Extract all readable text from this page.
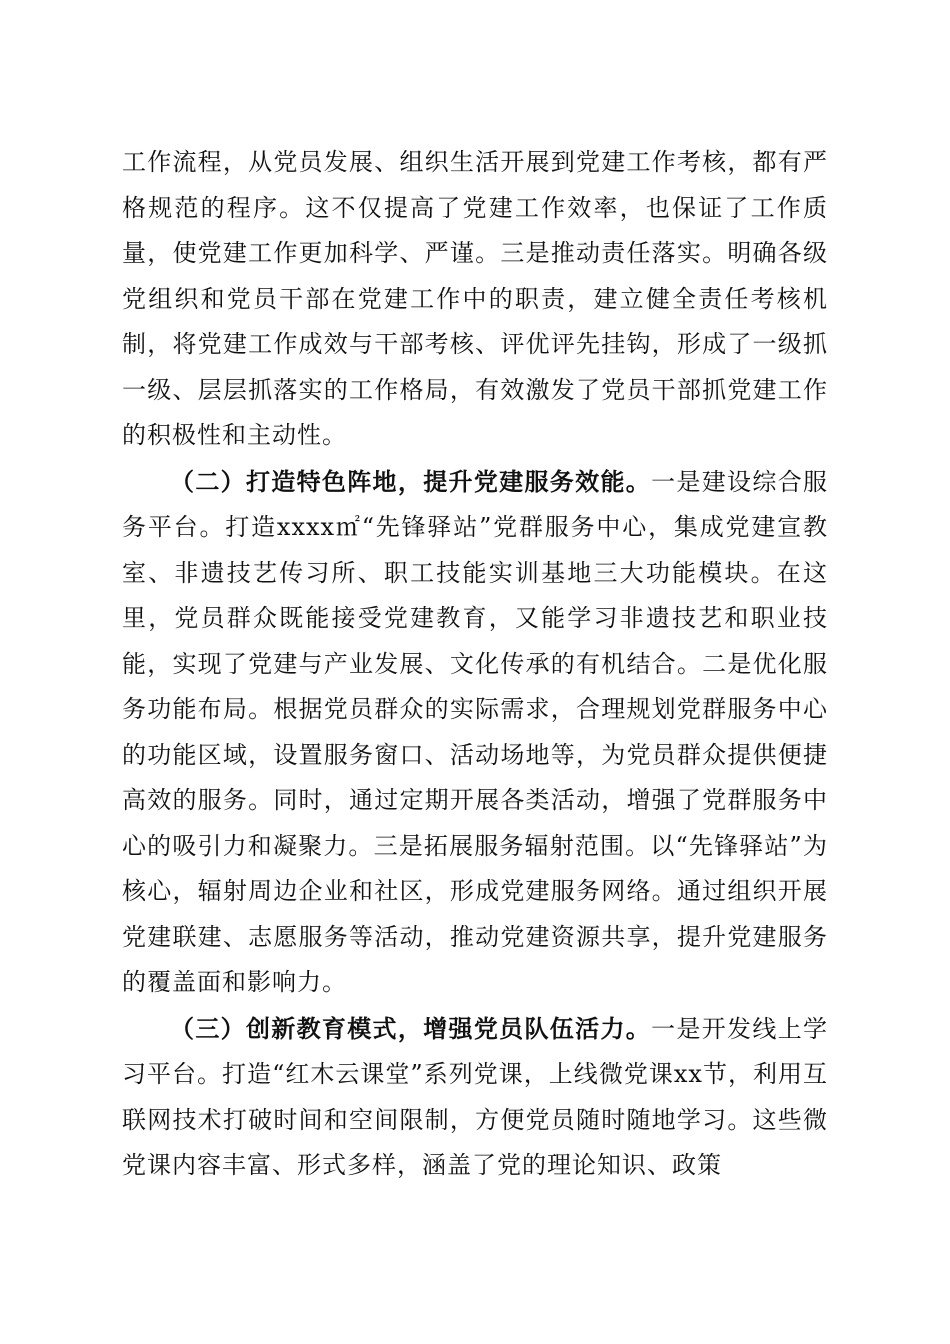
工作流程，从党员发展、组织生活开展到党建工作考核，都有严格规范的程序。这不仅提高了党建工作效率，也保证了工作质量，使党建工作更加科学、严谨。三是推动责任落实。明确各级党组织和党员干部在党建工作中的职责，建立健全责任考核机制，将党建工作成效与干部考核、评优评先挂钩，形成了一级抓一级、层层抓落实的工作格局，有效激发了党员干部抓党建工作的积极性和主动性。

（二）打造特色阵地，提升党建服务效能。一是建设综合服务平台。打造xxxx㎡“先锋驿站”党群服务中心，集成党建宣教室、非遗技艺传习所、职工技能实训基地三大功能模块。在这里，党员群众既能接受党建教育，又能学习非遗技艺和职业技能，实现了党建与产业发展、文化传承的有机结合。二是优化服务功能布局。根据党员群众的实际需求，合理规划党群服务中心的功能区域，设置服务窗口、活动场地等，为党员群众提供便捷高效的服务。同时，通过定期开展各类活动，增强了党群服务中心的吸引力和凝聚力。三是拓展服务辐射范围。以“先锋驿站”为核心，辐射周边企业和社区，形成党建服务网络。通过组织开展党建联建、志愿服务等活动，推动党建资源共享，提升党建服务的覆盖面和影响力。

（三）创新教育模式，增强党员队伍活力。一是开发线上学习平台。打造“红木云课堂”系列党课，上线微党课xx节，利用互联网技术打破时间和空间限制，方便党员随时随地学习。这些微党课内容丰富、形式多样，涵盖了党的理论知识、政策
